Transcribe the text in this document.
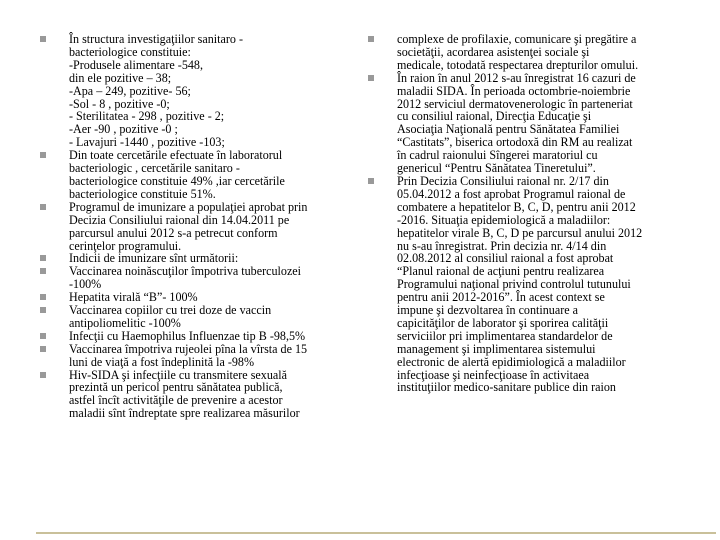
În structura investigaţiilor sanitaro -
bacteriologice constituie:
-Produsele alimentare -548,
din ele pozitive – 38;
-Apa – 249, pozitive- 56;
-Sol - 8 , pozitive -0;
- Sterilitatea - 298 , pozitive - 2;
-Aer -90 , pozitive -0 ;
- Lavajuri -1440 , pozitive -103;
Din toate cercetările efectuate în laboratorul
bacteriologic , cercetările sanitaro -
bacteriologice constituie 49% ,iar cercetările
bacteriologice constituie 51%.
Programul de imunizare a populaţiei aprobat prin
Decizia Consiliului raional din 14.04.2011 pe
parcursul anului 2012 s-a petrecut conform
cerinţelor programului.
Indicii de imunizare sînt următorii:
Vaccinarea noinăscuţilor împotriva tuberculozei
-100%
Hepatita virală “B”- 100%
Vaccinarea copiilor cu trei doze de vaccin
antipoliomelitic -100%
Infecţii cu Haemophilus Influenzae tip B -98,5%
Vaccinarea împotriva rujeolei pîna la vîrsta de 15
luni de viaţă a fost îndeplinită la -98%
Hiv-SIDA şi infecţiile cu transmitere sexuală
prezintă un pericol pentru sănătatea publică,
astfel încît activităţile de prevenire a acestor
maladii sînt îndreptate spre realizarea măsurilor
complexe de profilaxie, comunicare şi pregătire a
societăţii, acordarea asistenţei sociale şi
medicale, totodată respectarea drepturilor omului.
În raion în anul 2012 s-au înregistrat 16 cazuri de
maladii SIDA. În perioada octombrie-noiembrie
2012 serviciul dermatovenerologic în parteneriat
cu consiliul raional, Direcţia Educaţie şi
Asociaţia Naţională pentru Sănătatea Familiei
“Castitats”, biserica ortodoxă din RM au realizat
în cadrul raionului Sîngerei maratoriul cu
genericul “Pentru Sănătatea Tineretului”.
Prin Decizia Consiliului raional nr. 2/17 din
05.04.2012 a fost aprobat Programul raional de
combatere a hepatitelor B, C, D, pentru anii 2012
-2016. Situaţia epidemiologică a maladiilor:
hepatitelor virale B, C, D pe parcursul anului 2012
nu s-au înregistrat. Prin decizia nr. 4/14 din
02.08.2012 al consiliul raional a fost aprobat
“Planul raional de acţiuni pentru realizarea
Programului naţional privind controlul tutunului
pentru anii 2012-2016”. În acest context se
impune şi dezvoltarea în continuare a
capicităţilor de laborator şi sporirea calităţii
serviciilor pri implimentarea standardelor de
management şi implimentarea sistemului
electronic de alertă epidimiologică a maladiilor
infecţioase şi neinfecţioase în activitaea
instituţiilor medico-sanitare publice din raion
